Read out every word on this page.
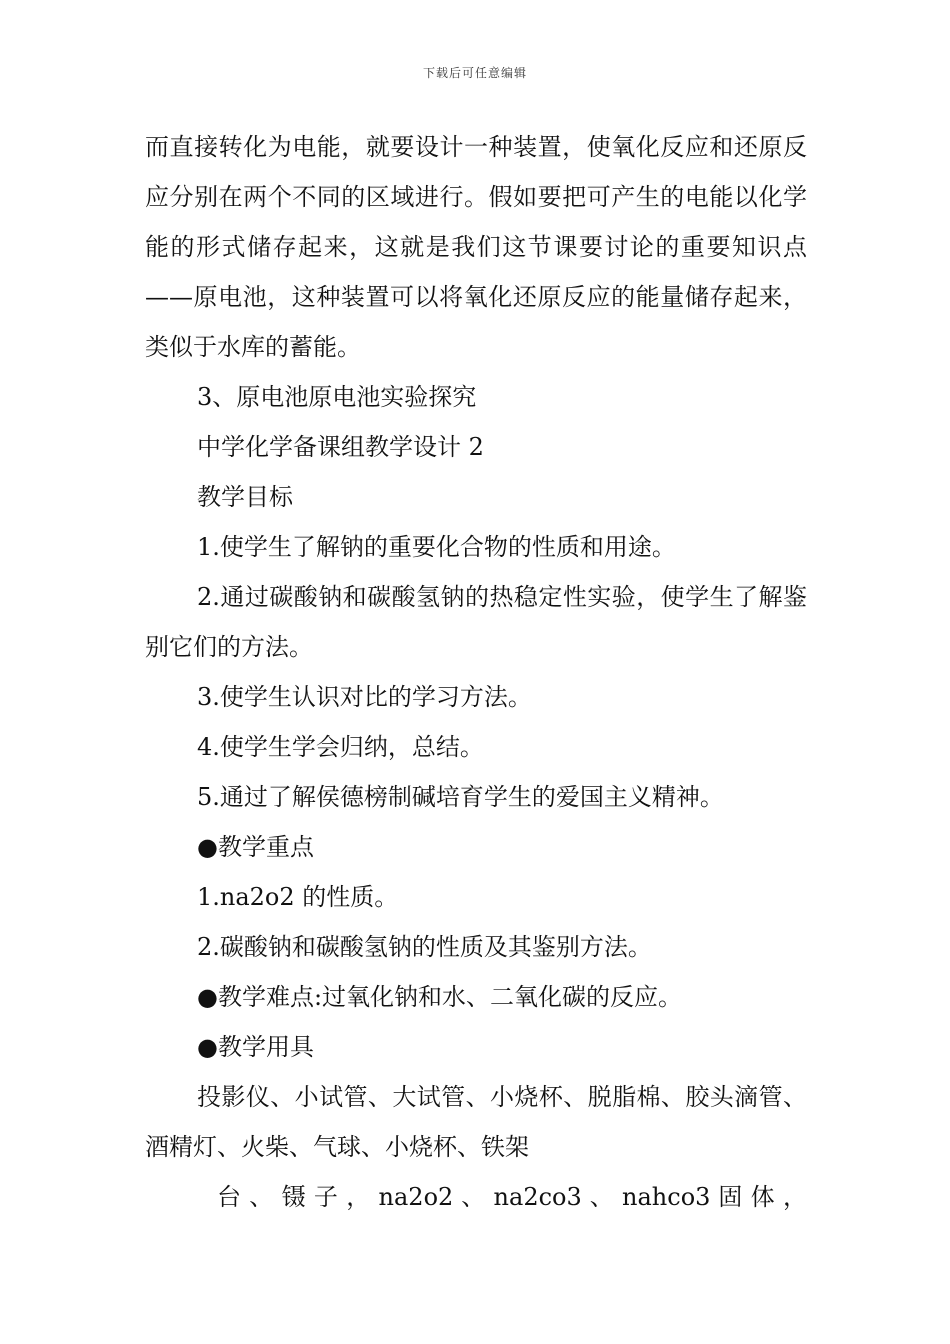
下载后可任意编辑

而直接转化为电能，就要设计一种装置，使氧化反应和还原反应分别在两个不同的区域进行。假如要把可产生的电能以化学能的形式储存起来，这就是我们这节课要讨论的重要知识点——原电池，这种装置可以将氧化还原反应的能量储存起来，类似于水库的蓄能。

3、原电池原电池实验探究

中学化学备课组教学设计 2

教学目标

1.使学生了解钠的重要化合物的性质和用途。

2.通过碳酸钠和碳酸氢钠的热稳定性实验，使学生了解鉴别它们的方法。

3.使学生认识对比的学习方法。

4.使学生学会归纳，总结。

5.通过了解侯德榜制碱培育学生的爱国主义精神。

●教学重点

1.na2o2 的性质。

2.碳酸钠和碳酸氢钠的性质及其鉴别方法。

●教学难点:过氧化钠和水、二氧化碳的反应。

●教学用具

投影仪、小试管、大试管、小烧杯、脱脂棉、胶头滴管、酒精灯、火柴、气球、小烧杯、铁架

台 、 镊 子 ， na2o2 、 na2co3 、 nahco3 固 体 ，
